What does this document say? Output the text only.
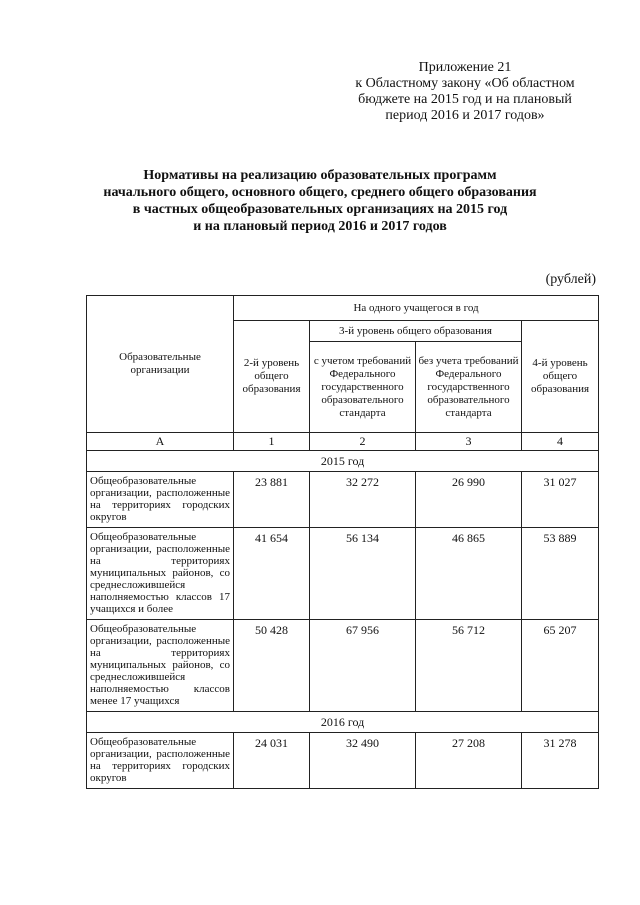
Приложение 21
к Областному закону «Об областном
бюджете на 2015 год и на плановый
период 2016 и 2017 годов»
Нормативы на реализацию образовательных программ
начального общего, основного общего, среднего общего образования
в частных общеобразовательных организациях на 2015 год
и на плановый период 2016 и 2017 годов
(рублей)
Образовательные организации	На одного учащегося в год			
	2-й уровень общего образования	3-й уровень общего образования		4-й уровень общего образования
		с учетом требований Федерального государственного образовательного стандарта	без учета требований Федерального государственного образовательного стандарта	
А	1	2	3	4
2015 год				
Общеобразовательные организации, расположенные на территориях городских округов	23 881	32 272	26 990	31 027
Общеобразовательные организации, расположенные на территориях муниципальных районов, со среднесложившейся наполняемостью классов 17 учащихся и более	41 654	56 134	46 865	53 889
Общеобразовательные организации, расположенные на территориях муниципальных районов, со среднесложившейся наполняемостью классов менее 17 учащихся	50 428	67 956	56 712	65 207
2016 год				
Общеобразовательные организации, расположенные на территориях городских округов	24 031	32 490	27 208	31 278
